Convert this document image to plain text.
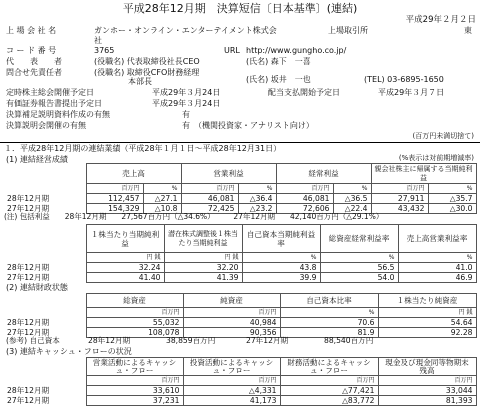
平成28年12月期　決算短信〔日本基準〕(連結)
平成29年２月２日
上 場 会 社 名	ガンホー・オンライン・エンターテイメント株式会社
上場取引所	東
コ ー ド 番 号	3765	URL http://www.gungho.co.jp/
代　　表　　者	(役職名) 代表取締役社長CEO	(氏名) 森下　一喜
問合せ先責任者	(役職名) 取締役CFO財務経理
本部長	(氏名) 坂井　一也	(TEL) 03-6895-1650
定時株主総会開催予定日	平成29年３月24日	配当支払開始予定日	平成29年３月７日
有価証券報告書提出予定日	平成29年３月24日
決算補足説明資料作成の有無	有
決算説明会開催の有無	有　（機関投資家・アナリスト向け）
(百万円未満切捨て)
１．平成28年12月期の連結業績（平成28年１月１日～平成28年12月31日）
(1) 連結経営成績	(%表示は対前期増減率)
	売上高		営業利益		経常利益		親会社株主に帰属する当期純利益	
	百万円	%	百万円	%	百万円	%	百万円	%
28年12月期	112,457	△27.1	46,081	△36.4	46,081	△36.5	27,911	△35.7
27年12月期	154,329	△10.8	72,425	△23.2	72,606	△22.4	43,432	△30.0
(注) 包括利益　　28年12月期　　27,567百万円（△34.6%）　　　27年12月期　　42,140百万円（△29.1%）
	１株当たり当期純利益	潜在株式調整後１株当たり当期純利益	自己資本当期純利益率	総資産経常利益率	売上高営業利益率
	円 銭	円 銭	%	%	%
28年12月期	32.24	32.20	43.8	56.5	41.0
27年12月期	41.40	41.39	39.9	54.0	46.9
(2) 連結財政状態
	総資産	純資産	自己資本比率	１株当たり純資産
	百万円	百万円	%	円 銭
28年12月期	55,032	40,984	70.6	54.64
27年12月期	108,078	90,356	81.9	92.28
(参考) 自己資本	28年12月期	38,859百万円	27年12月期	88,540百万円
(3) 連結キャッシュ・フローの状況
	営業活動によるキャッシュ・フロー	投資活動によるキャッシュ・フロー	財務活動によるキャッシュ・フロー	現金及び現金同等物期末残高
	百万円	百万円	百万円	百万円
28年12月期	33,610	△4,331	△77,421	33,044
27年12月期	37,231	41,173	△83,772	81,393
